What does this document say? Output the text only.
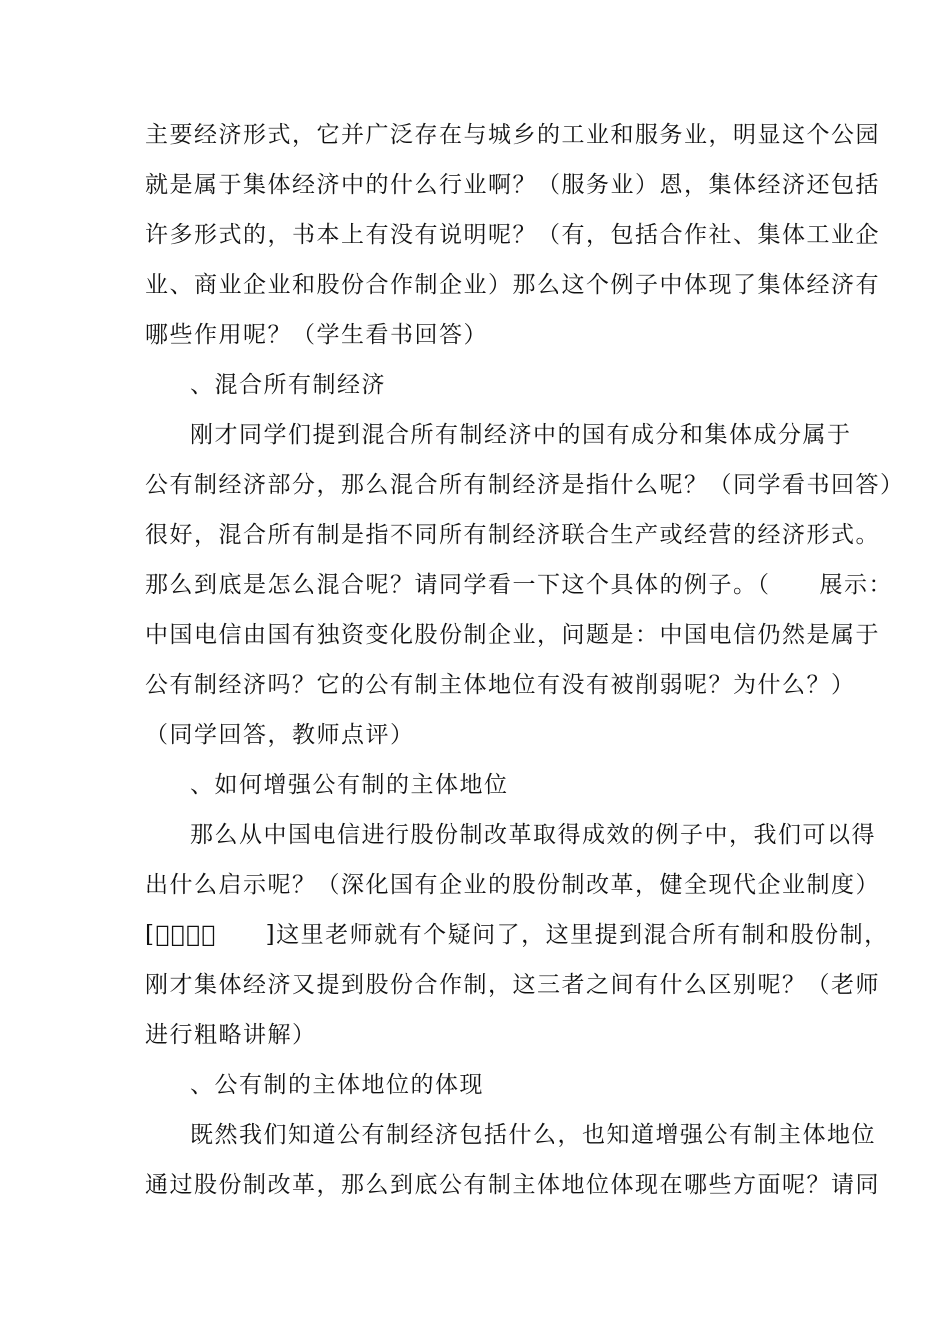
主要经济形式，它并广泛存在与城乡的工业和服务业，明显这个公园
就是属于集体经济中的什么行业啊？（服务业）恩，集体经济还包括
许多形式的，书本上有没有说明呢？（有，包括合作社、集体工业企
业、商业企业和股份合作制企业）那么这个例子中体现了集体经济有
哪些作用呢？（学生看书回答）
、混合所有制经济
刚才同学们提到混合所有制经济中的国有成分和集体成分属于
公有制经济部分，那么混合所有制经济是指什么呢？（同学看书回答）
很好，混合所有制是指不同所有制经济联合生产或经营的经济形式。
那么到底是怎么混合呢？请同学看一下这个具体的例子。（　　展示：
中国电信由国有独资变化股份制企业，问题是：中国电信仍然是属于
公有制经济吗？它的公有制主体地位有没有被削弱呢？为什么？）
（同学回答，教师点评）
、如何增强公有制的主体地位
那么从中国电信进行股份制改革取得成效的例子中，我们可以得
出什么启示呢？（深化国有企业的股份制改革，健全现代企业制度）
[􏰀􏰀􏰀􏰀　　]这里老师就有个疑问了，这里提到混合所有制和股份制，
刚才集体经济又提到股份合作制，这三者之间有什么区别呢？（老师
进行粗略讲解）
、公有制的主体地位的体现
既然我们知道公有制经济包括什么，也知道增强公有制主体地位
通过股份制改革，那么到底公有制主体地位体现在哪些方面呢？请同
